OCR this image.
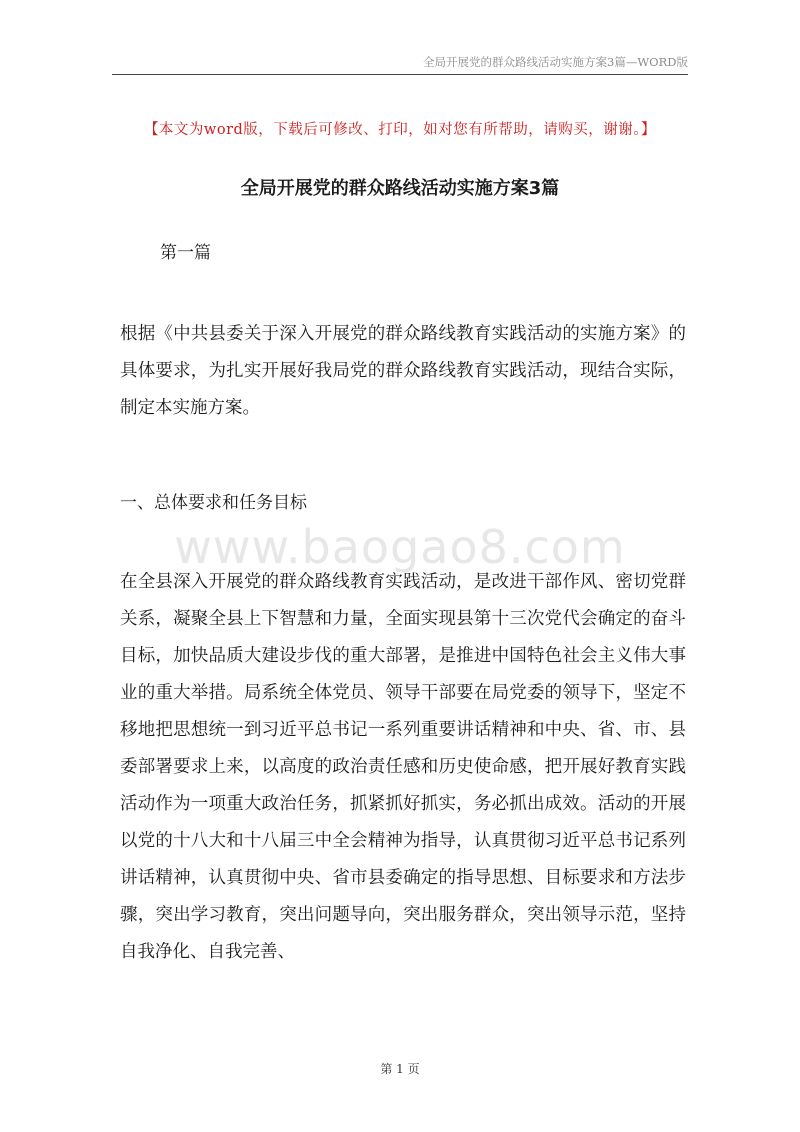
全局开展党的群众路线活动实施方案3篇—WORD版
【本文为word版，下载后可修改、打印，如对您有所帮助，请购买，谢谢。】
全局开展党的群众路线活动实施方案3篇

第一篇

根据《中共县委关于深入开展党的群众路线教育实践活动的实施方案》的具体要求，为扎实开展好我局党的群众路线教育实践活动，现结合实际，制定本实施方案。

一、总体要求和任务目标
www.baogao8.com

在全县深入开展党的群众路线教育实践活动，是改进干部作风、密切党群关系，凝聚全县上下智慧和力量，全面实现县第十三次党代会确定的奋斗目标，加快品质大建设步伐的重大部署，是推进中国特色社会主义伟大事业的重大举措。局系统全体党员、领导干部要在局党委的领导下，坚定不移地把思想统一到习近平总书记一系列重要讲话精神和中央、省、市、县委部署要求上来，以高度的政治责任感和历史使命感，把开展好教育实践活动作为一项重大政治任务，抓紧抓好抓实，务必抓出成效。活动的开展以党的十八大和十八届三中全会精神为指导，认真贯彻习近平总书记系列讲话精神，认真贯彻中央、省市县委确定的指导思想、目标要求和方法步骤，突出学习教育，突出问题导向，突出服务群众，突出领导示范，坚持自我净化、自我完善、

第 1 页
